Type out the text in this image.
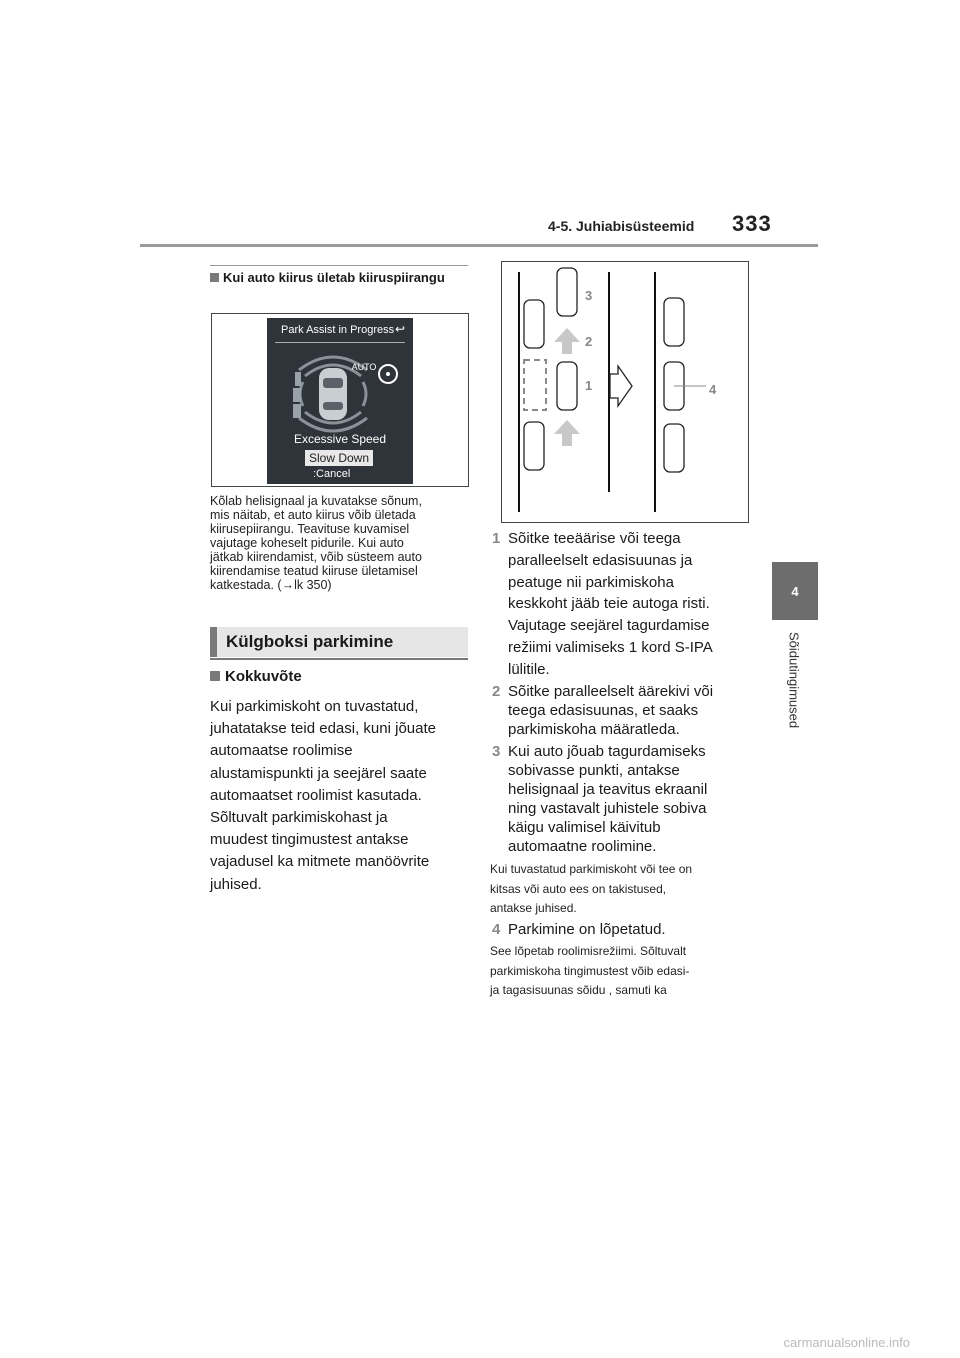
4-5. Juhiabisüsteemid 333
4
Sõidutingimused
Kui auto kiirus ületab kiiruspiirangu
Park Assist in Progress ↩
AUTO
Excessive Speed
Slow Down
:Cancel
Kõlab helisignaal ja kuvatakse sõnum,
mis näitab, et auto kiirus võib ületada
kiirusepiirangu. Teavituse kuvamisel
vajutage koheselt pidurile. Kui auto
jätkab kiirendamist, võib süsteem auto
kiirendamise teatud kiiruse ületamisel
katkestada. (→lk 350)
Külgboksi parkimine
Kokkuvõte
Kui parkimiskoht on tuvastatud,
juhatatakse teid edasi, kuni jõuate
automaatse roolimise
alustamispunkti ja seejärel saate
automaatset roolimist kasutada.
Sõltuvalt parkimiskohast ja
muudest tingimustest antakse
vajadusel ka mitmete manöövrite
juhised.
3
2
1	4
1 Sõitke teeäärise või teega
paralleelselt edasisuunas ja
peatuge nii parkimiskoha
keskkoht jääb teie autoga risti.
Vajutage seejärel tagurdamise
režiimi valimiseks 1 kord S-IPA
lülitile.
2 Sõitke paralleelselt äärekivi või
teega edasisuunas, et saaks
parkimiskoha määratleda.
3 Kui auto jõuab tagurdamiseks
sobivasse punkti, antakse
helisignaal ja teavitus ekraanil
ning vastavalt juhistele sobiva
käigu valimisel käivitub
automaatne roolimine.
Kui tuvastatud parkimiskoht või tee on
kitsas või auto ees on takistused,
antakse juhised.
4 Parkimine on lõpetatud.
See lõpetab roolimisrežiimi. Sõltuvalt
parkimiskoha tingimustest võib edasi-
ja tagasisuunas sõidu , samuti ka
carmanualsonline.info
